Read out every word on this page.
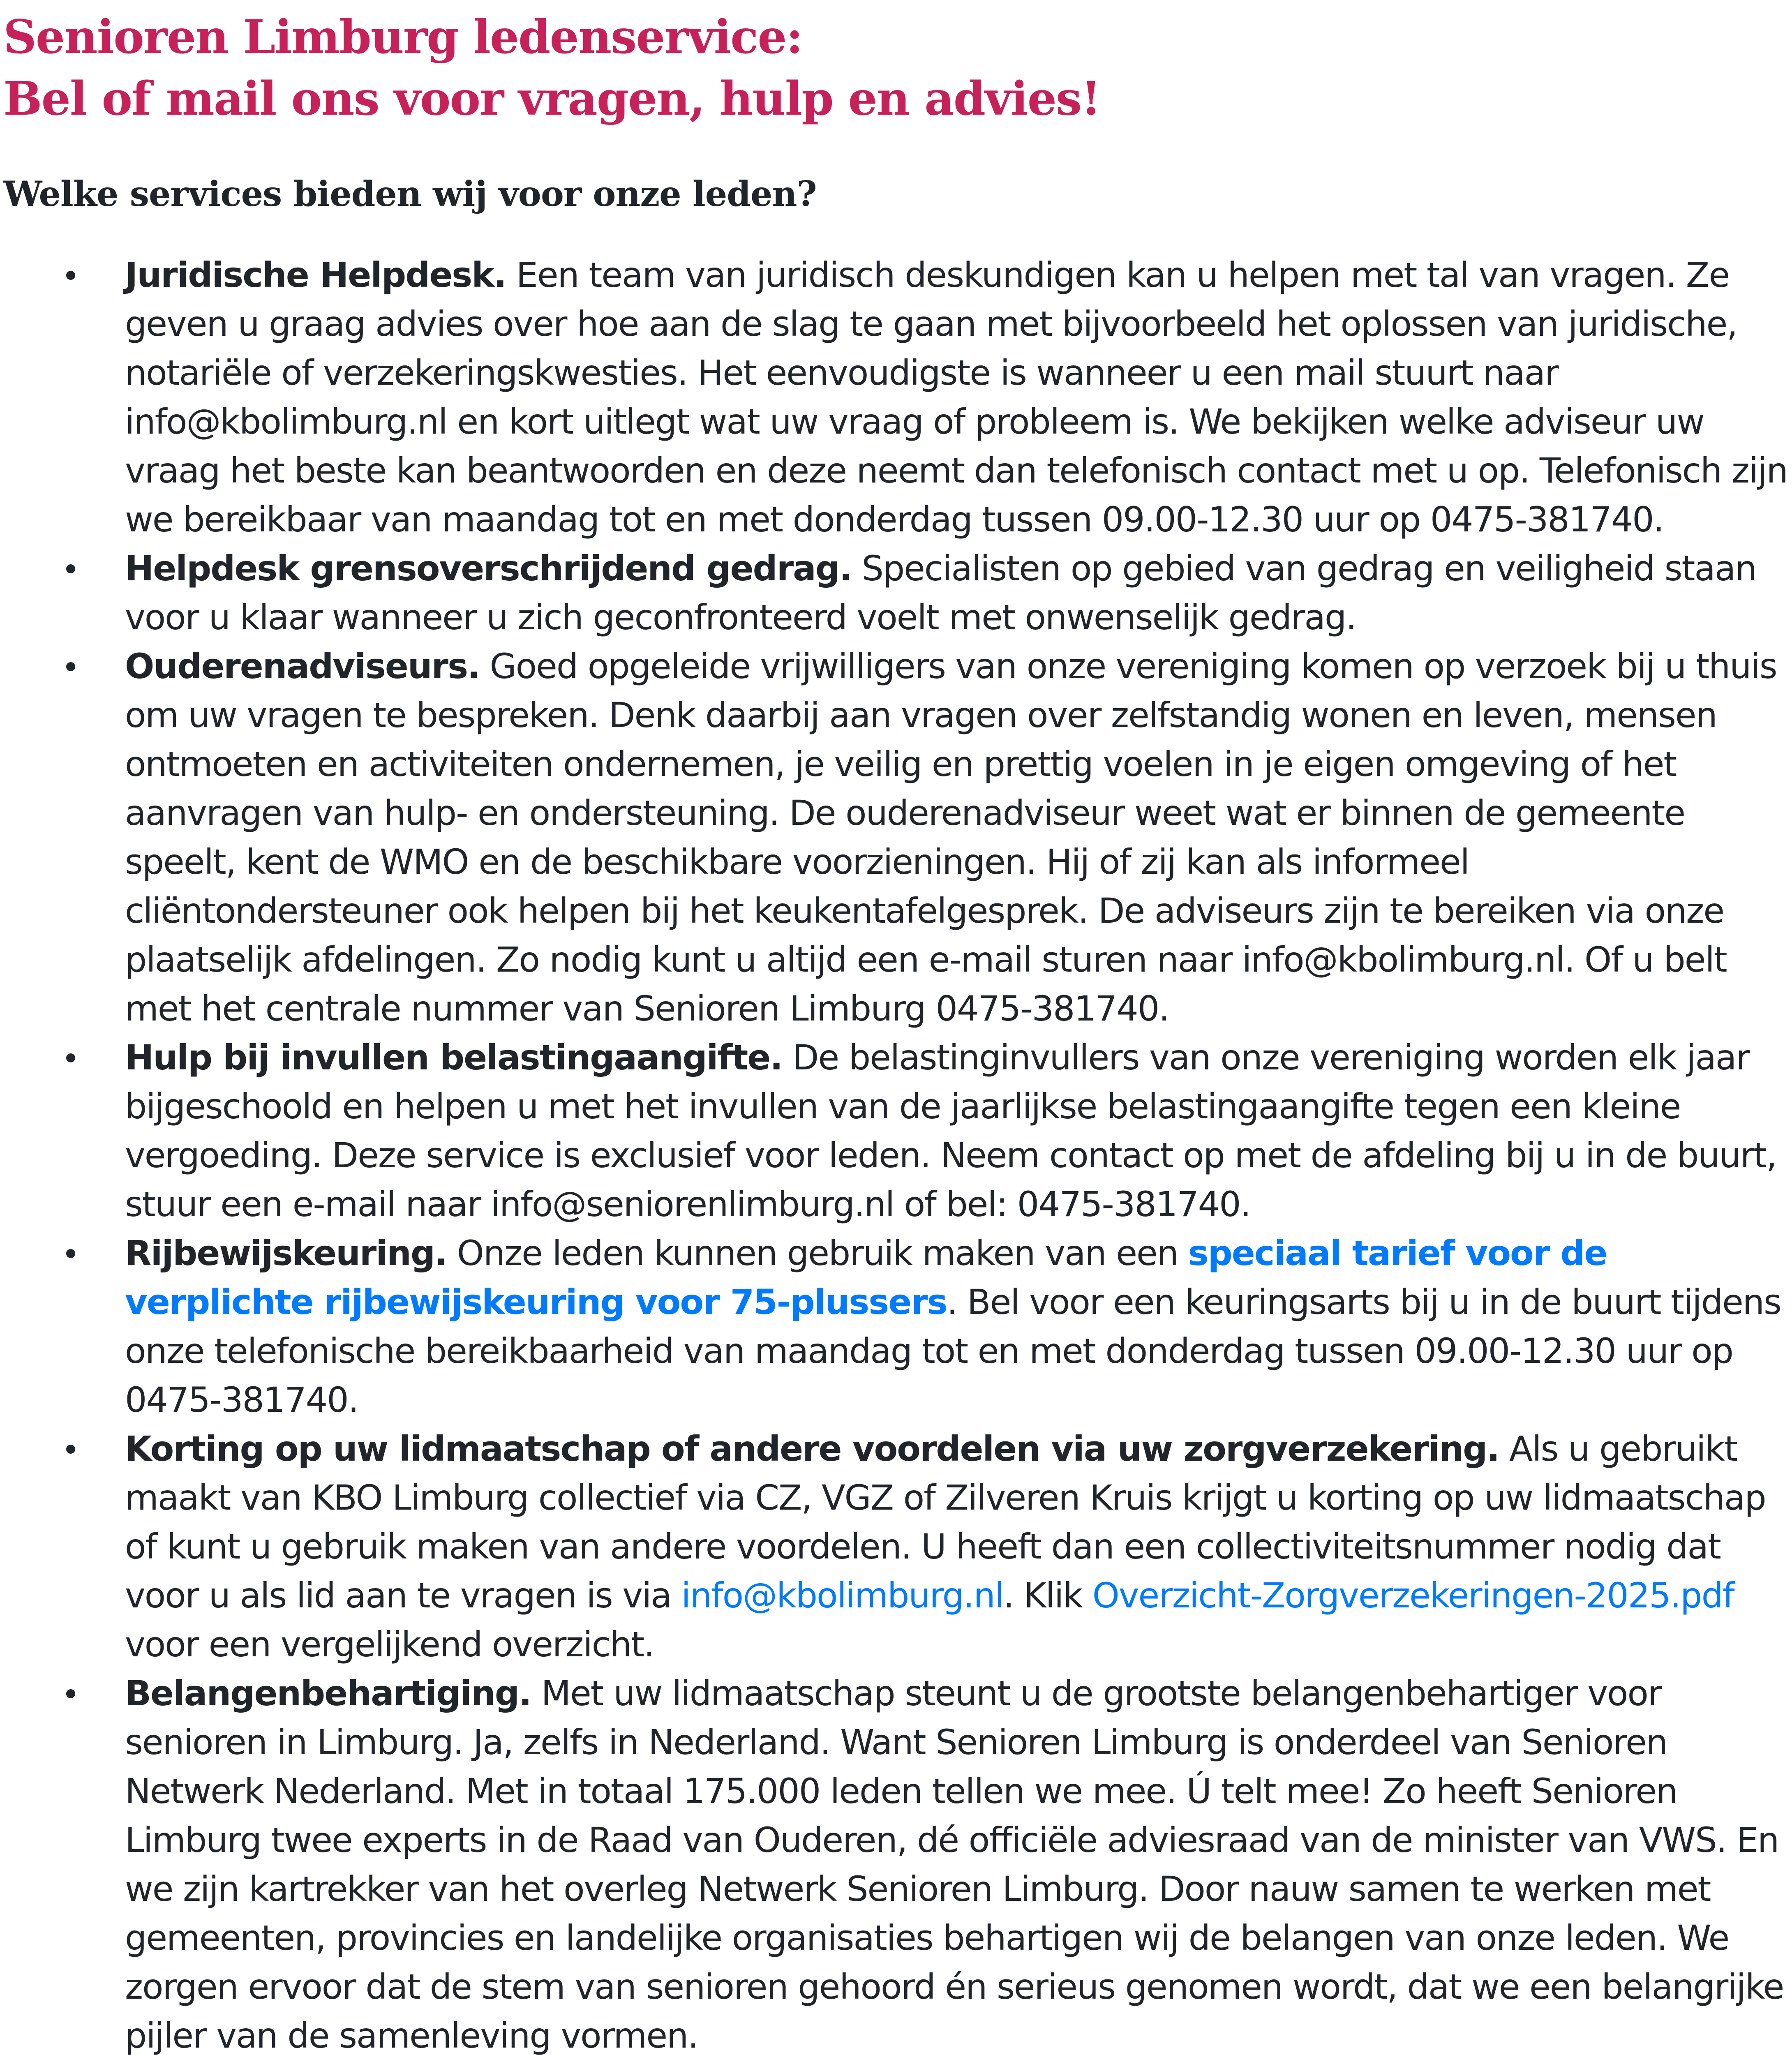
Senioren Limburg ledenservice:
Bel of mail ons voor vragen, hulp en advies!
Welke services bieden wij voor onze leden?
Juridische Helpdesk. Een team van juridisch deskundigen kan u helpen met tal van vragen. Ze geven u graag advies over hoe aan de slag te gaan met bijvoorbeeld het oplossen van juridische, notariële of verzekeringskwesties. Het eenvoudigste is wanneer u een mail stuurt naar info@kbolimburg.nl en kort uitlegt wat uw vraag of probleem is. We bekijken welke adviseur uw vraag het beste kan beantwoorden en deze neemt dan telefonisch contact met u op. Telefonisch zijn we bereikbaar van maandag tot en met donderdag tussen 09.00-12.30 uur op 0475-381740.
Helpdesk grensoverschrijdend gedrag. Specialisten op gebied van gedrag en veiligheid staan voor u klaar wanneer u zich geconfronteerd voelt met onwenselijk gedrag.
Ouderenadviseurs. Goed opgeleide vrijwilligers van onze vereniging komen op verzoek bij u thuis om uw vragen te bespreken. Denk daarbij aan vragen over zelfstandig wonen en leven, mensen ontmoeten en activiteiten ondernemen, je veilig en prettig voelen in je eigen omgeving of het aanvragen van hulp- en ondersteuning. De ouderenadviseur weet wat er binnen de gemeente speelt, kent de WMO en de beschikbare voorzieningen. Hij of zij kan als informeel cliëntondersteuner ook helpen bij het keukentafelgesprek. De adviseurs zijn te bereiken via onze plaatselijk afdelingen. Zo nodig kunt u altijd een e-mail sturen naar info@kbolimburg.nl. Of u belt met het centrale nummer van Senioren Limburg 0475-381740.
Hulp bij invullen belastingaangifte. De belastinginvullers van onze vereniging worden elk jaar bijgeschoold en helpen u met het invullen van de jaarlijkse belastingaangifte tegen een kleine vergoeding. Deze service is exclusief voor leden. Neem contact op met de afdeling bij u in de buurt, stuur een e-mail naar info@seniorenlimburg.nl of bel: 0475-381740.
Rijbewijskeuring. Onze leden kunnen gebruik maken van een speciaal tarief voor de verplichte rijbewijskeuring voor 75-plussers. Bel voor een keuringsarts bij u in de buurt tijdens onze telefonische bereikbaarheid van maandag tot en met donderdag tussen 09.00-12.30 uur op 0475-381740.
Korting op uw lidmaatschap of andere voordelen via uw zorgverzekering. Als u gebruikt maakt van KBO Limburg collectief via CZ, VGZ of Zilveren Kruis krijgt u korting op uw lidmaatschap of kunt u gebruik maken van andere voordelen. U heeft dan een collectiviteitsnummer nodig dat voor u als lid aan te vragen is via info@kbolimburg.nl. Klik Overzicht-Zorgverzekeringen-2025.pdf voor een vergelijkend overzicht.
Belangenbehartiging. Met uw lidmaatschap steunt u de grootste belangenbehartiger voor senioren in Limburg. Ja, zelfs in Nederland. Want Senioren Limburg is onderdeel van Senioren Netwerk Nederland. Met in totaal 175.000 leden tellen we mee. Ú telt mee! Zo heeft Senioren Limburg twee experts in de Raad van Ouderen, dé officiële adviesraad van de minister van VWS. En we zijn kartrekker van het overleg Netwerk Senioren Limburg. Door nauw samen te werken met gemeenten, provincies en landelijke organisaties behartigen wij de belangen van onze leden. We zorgen ervoor dat de stem van senioren gehoord én serieus genomen wordt, dat we een belangrijke pijler van de samenleving vormen.
